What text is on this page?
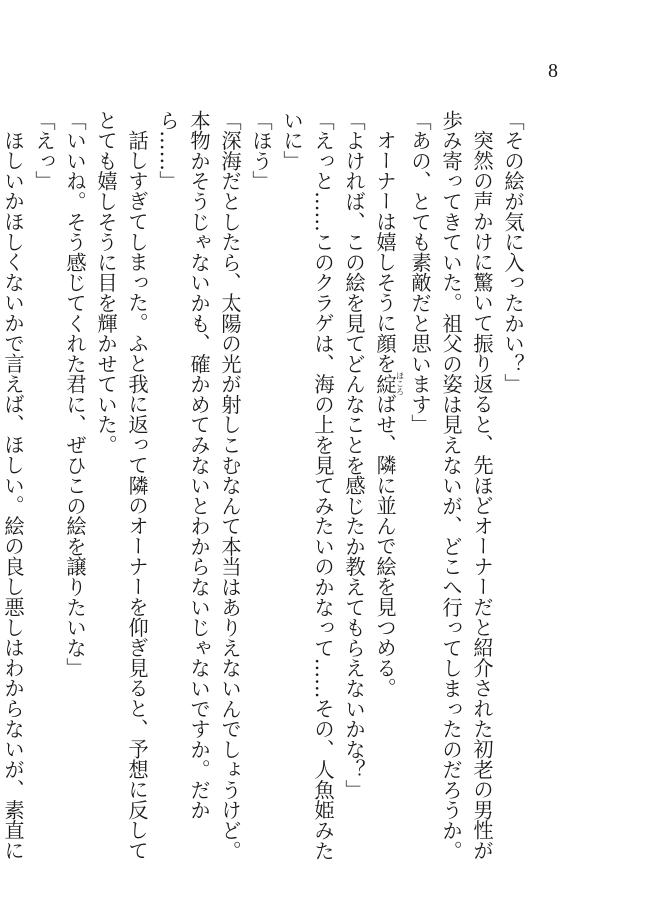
8

「その絵が気に入ったかい？」

突然の声かけに驚いて振り返ると、先ほどオーナーだと紹介された初老の男性が歩み寄ってきていた。祖父の姿は見えないが、どこへ行ってしまったのだろうか。

「あの、とても素敵だと思います」

オーナーは嬉しそうに顔を綻ほころばせ、隣に並んで絵を見つめる。

「よければ、この絵を見てどんなことを感じたか教えてもらえないかな？」

「えっと……このクラゲは、海の上を見てみたいのかなって……その、人魚姫みたいに」

「ほう」

「深海だとしたら、太陽の光が射しこむなんて本当はありえないんでしょうけど。本物かそうじゃないかも、確かめてみないとわからないじゃないですか。だから……」

話しすぎてしまった。ふと我に返って隣のオーナーを仰ぎ見ると、予想に反してとても嬉しそうに目を輝かせていた。

「いいね。そう感じてくれた君に、ぜひこの絵を譲りたいな」

「えっ」

ほしいかほしくないかで言えば、ほしい。絵の良し悪しはわからないが、素直に
